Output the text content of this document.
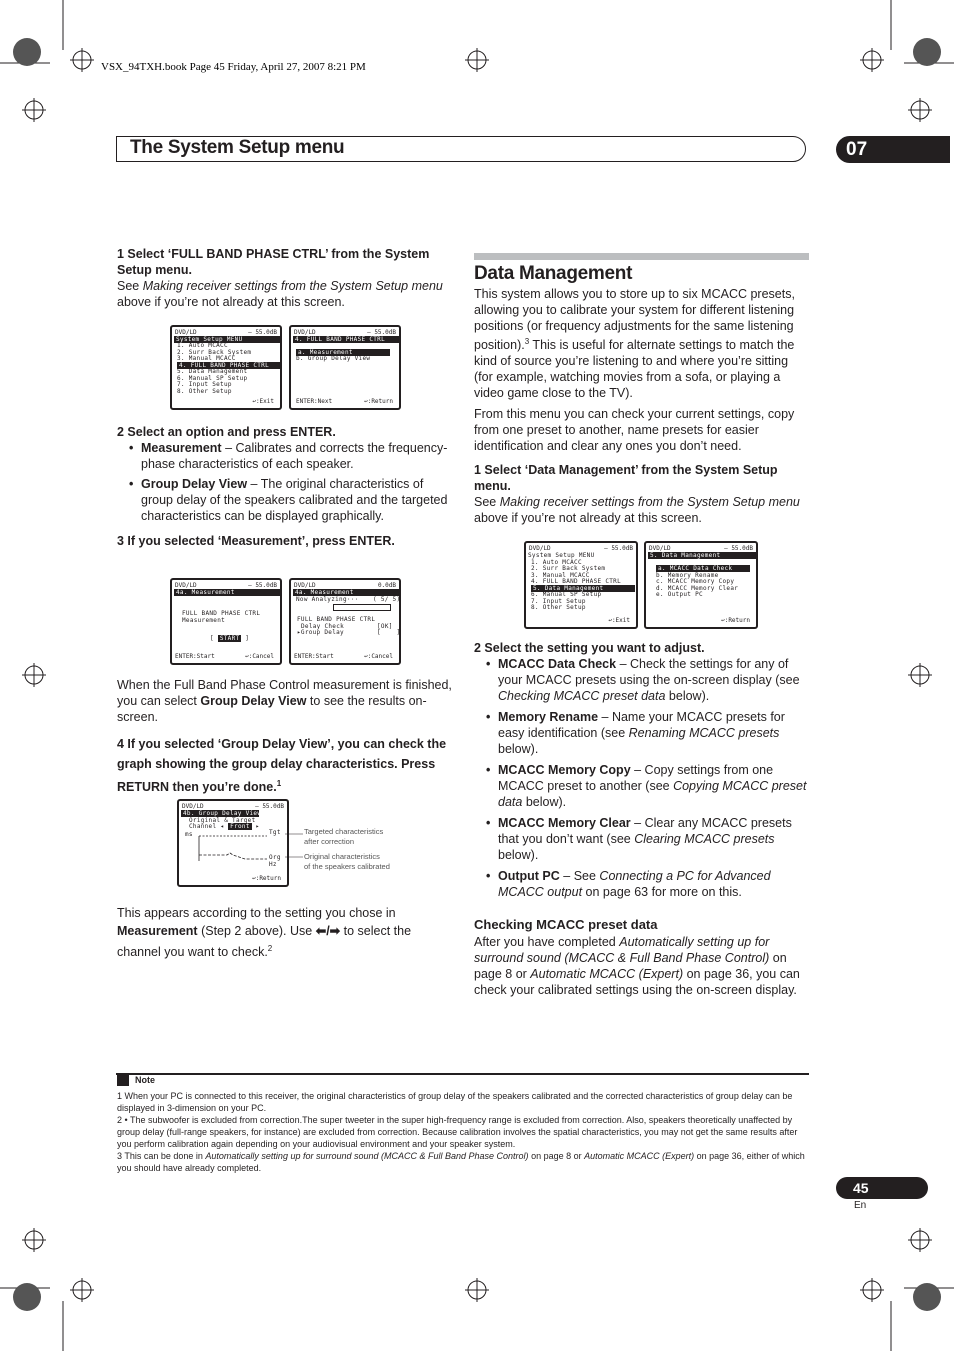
VSX_94TXH.book Page 45 Friday, April 27, 2007 8:21 PM
The System Setup menu	07
1 Select ‘FULL BAND PHASE CTRL’ from the System Setup menu.
See Making receiver settings from the System Setup menu above if you’re not already at this screen.
DVD/LD	– 55.0dB
System Setup MENU
1. Auto MCACC
2. Surr Back System
3. Manual MCACC
4. FULL BAND PHASE CTRL
5. Data Management
6. Manual SP Setup
7. Input Setup
8. Other Setup
↩:Exit
DVD/LD	– 55.0dB
4. FULL BAND PHASE CTRL
a. Measurement
b. Group Delay View
ENTER:Next	↩:Return
2 Select an option and press ENTER.
• Measurement – Calibrates and corrects the frequency-phase characteristics of each speaker.
• Group Delay View – The original characteristics of group delay of the speakers calibrated and the targeted characteristics can be displayed graphically.
3 If you selected ‘Measurement’, press ENTER.
DVD/LD	– 55.0dB
4a. Measurement
FULL BAND PHASE CTRL
Measurement
[ START ]
ENTER:Start	↩:Cancel
DVD/LD	0.0dB
4a. Measurement
Now Analyzing··· ( 5/ 5)
FULL BAND PHASE CTRL
Delay Check	[OK]
▸Group Delay	[    ]
ENTER:Start	↩:Cancel
When the Full Band Phase Control measurement is finished, you can select Group Delay View to see the results on-screen.
4 If you selected ‘Group Delay View’, you can check the graph showing the group delay characteristics. Press RETURN then you’re done.$^1$
DVD/LD	– 55.0dB
4b. Group Delay View
Original & Target
Channel ◂ Front ▸
ms	Tgt
Org
Hz
↩:Return
Targeted characteristics
after correction
Original characteristics
of the speakers calibrated
This appears according to the setting you chose in Measurement (Step 2 above). Use ⬅/➡ to select the channel you want to check.$^2$
Data Management
This system allows you to store up to six MCACC presets, allowing you to calibrate your system for different listening positions (or frequency adjustments for the same listening position).$^3$ This is useful for alternate settings to match the kind of source you’re listening to and where you’re sitting (for example, watching movies from a sofa, or playing a video game close to the TV).
From this menu you can check your current settings, copy from one preset to another, name presets for easier identification and clear any ones you don’t need.
1 Select ‘Data Management’ from the System Setup menu.
See Making receiver settings from the System Setup menu above if you’re not already at this screen.
DVD/LD	– 55.0dB
System Setup MENU
1. Auto MCACC
2. Surr Back System
3. Manual MCACC
4. FULL BAND PHASE CTRL
5. Data Management
6. Manual SP Setup
7. Input Setup
8. Other Setup
↩:Exit
DVD/LD	– 55.0dB
5. Data Management
a. MCACC Data Check
b. Memory Rename
c. MCACC Memory Copy
d. MCACC Memory Clear
e. Output PC
↩:Return
2 Select the setting you want to adjust.
• MCACC Data Check – Check the settings for any of your MCACC presets using the on-screen display (see Checking MCACC preset data below).
• Memory Rename – Name your MCACC presets for easy identification (see Renaming MCACC presets below).
• MCACC Memory Copy – Copy settings from one MCACC preset to another (see Copying MCACC preset data below).
• MCACC Memory Clear – Clear any MCACC presets that you don’t want (see Clearing MCACC presets below).
• Output PC – See Connecting a PC for Advanced MCACC output on page 63 for more on this.
Checking MCACC preset data
After you have completed Automatically setting up for surround sound (MCACC & Full Band Phase Control) on page 8 or Automatic MCACC (Expert) on page 36, you can check your calibrated settings using the on-screen display.
Note
1 When your PC is connected to this receiver, the original characteristics of group delay of the speakers calibrated and the corrected characteristics of group delay can be displayed in 3-dimension on your PC.
2 • The subwoofer is excluded from correction.The super tweeter in the super high-frequency range is excluded from correction. Also, speakers theoretically unaffected by group delay (full-range speakers, for instance) are excluded from correction. Because calibration involves the spatial characteristics, you may not get the same results after you perform calibration again depending on your audiovisual environment and your speaker system.
3 This can be done in Automatically setting up for surround sound (MCACC & Full Band Phase Control) on page 8 or Automatic MCACC (Expert) on page 36, either of which you should have already completed.
45
En
